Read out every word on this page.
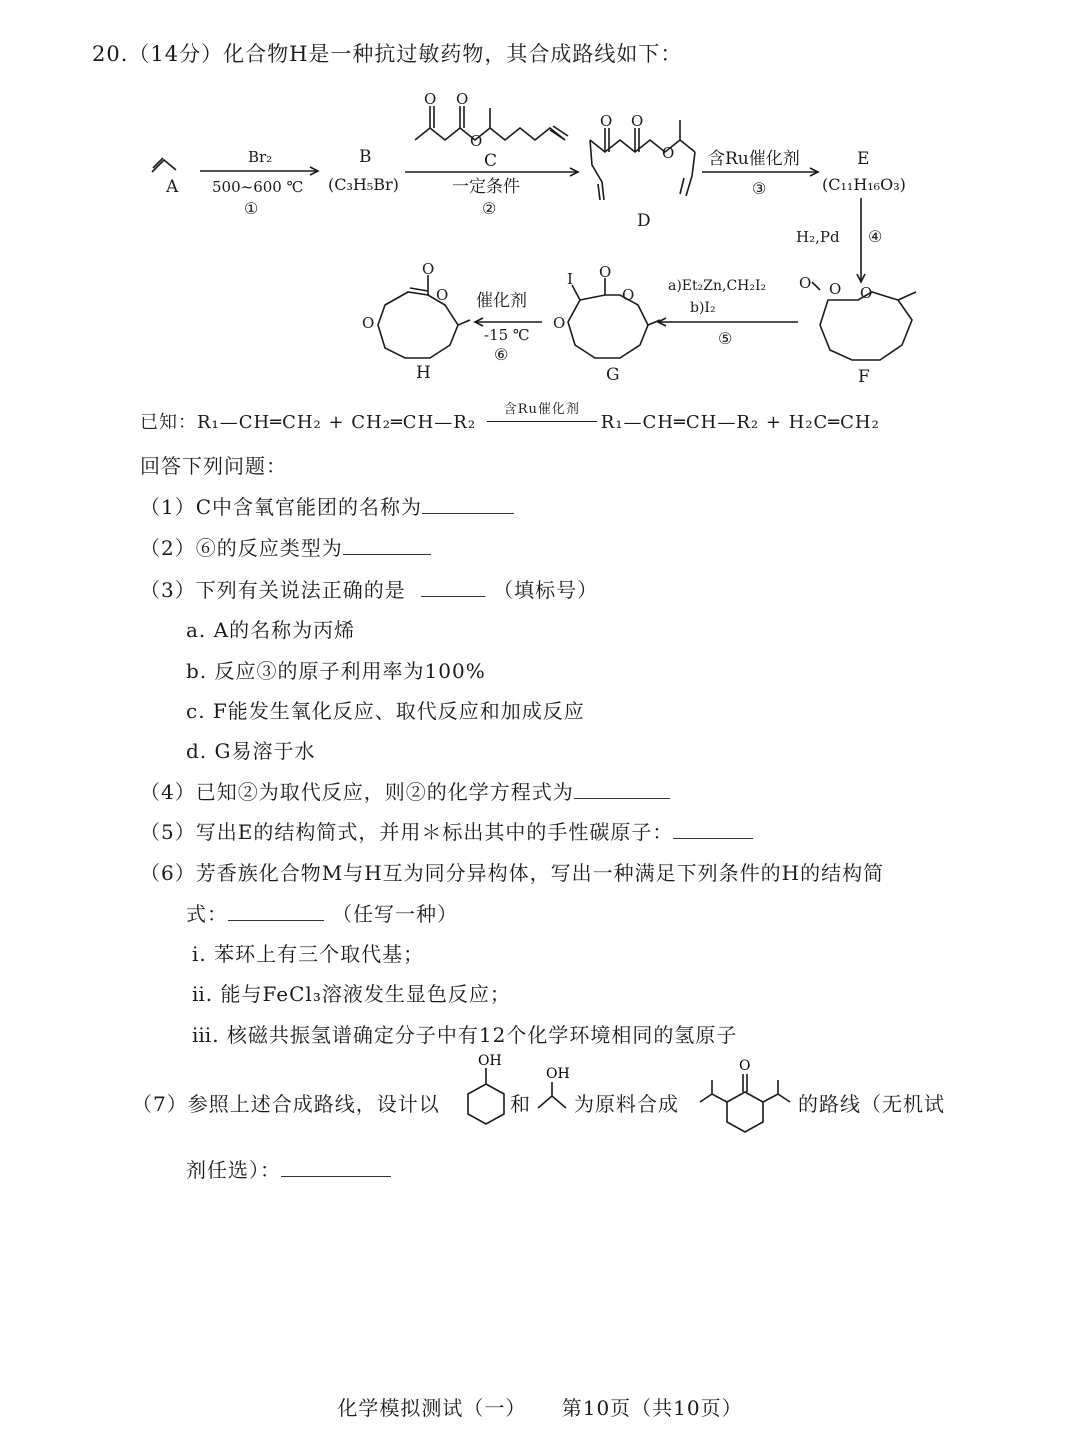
20.（14分）化合物H是一种抗过敏药物，其合成路线如下：
A
B
(C₃H₅Br)
C
D
E
(C₁₁H₁₆O₃)
F
G
H
O O
O
O O
O
O O O
O
O
O
I
O
O
O
Br₂
500~600 ℃
①
一定条件
②
含Ru催化剂
③
H₂,Pd ④
a)Et₂Zn,CH₂I₂
b)I₂
⑤
催化剂
-15 ℃
⑥
已知：R₁—CH═CH₂ + CH₂═CH—R₂
含Ru催化剂
R₁—CH═CH—R₂ + H₂C═CH₂
回答下列问题：
（1）C中含氧官能团的名称为
（2）⑥的反应类型为
（3）下列有关说法正确的是	（填标号）
a. A的名称为丙烯
b. 反应③的原子利用率为100%
c. F能发生氧化反应、取代反应和加成反应
d. G易溶于水
（4）已知②为取代反应，则②的化学方程式为
（5）写出E的结构简式，并用＊标出其中的手性碳原子：
（6）芳香族化合物M与H互为同分异构体，写出一种满足下列条件的H的结构简
式：	（任写一种）
ⅰ. 苯环上有三个取代基；
ⅱ. 能与FeCl₃溶液发生显色反应；
ⅲ. 核磁共振氢谱确定分子中有12个化学环境相同的氢原子
（7）参照上述合成路线，设计以
OH
和
OH
为原料合成
O
的路线（无机试
剂任选）：
化学模拟测试（一） 第10页（共10页）
